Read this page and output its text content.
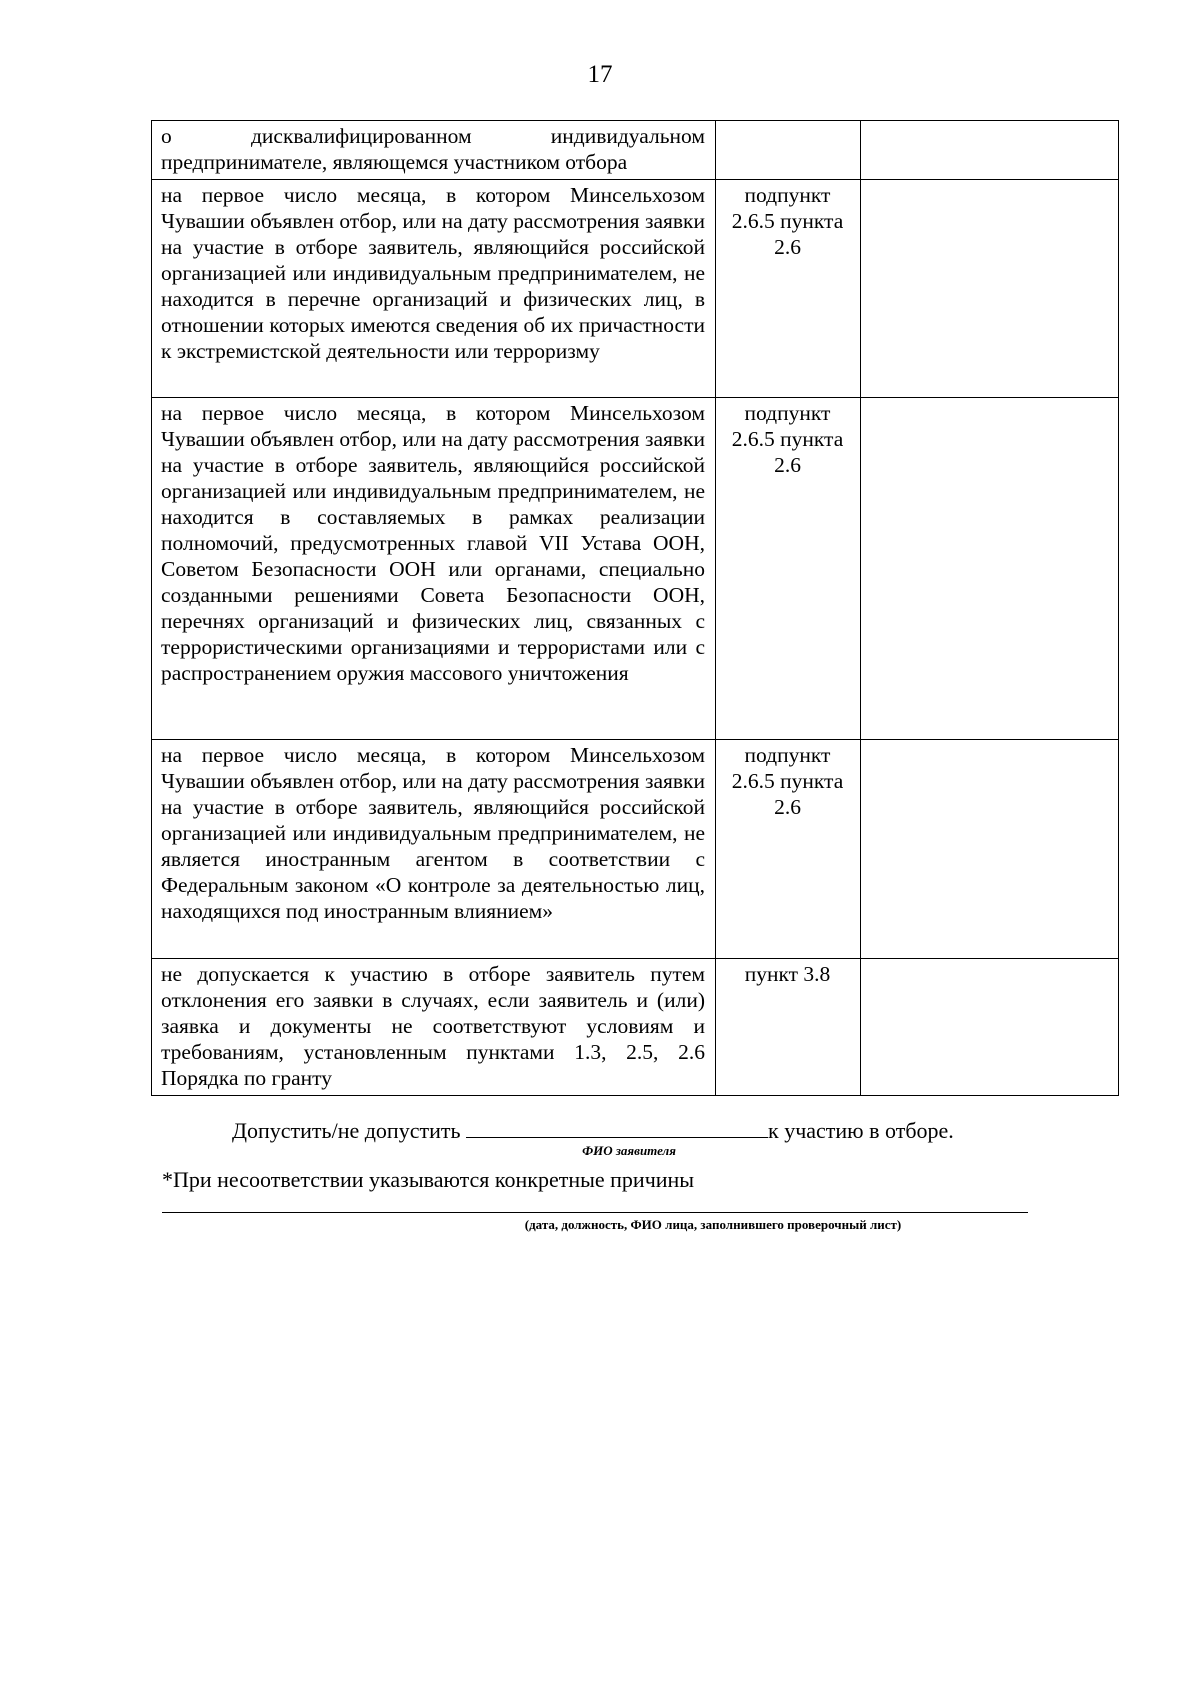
17
о дисквалифицированном индивидуальном предпринимателе, являющемся участником отбора		
на первое число месяца, в котором Минсельхозом Чувашии объявлен отбор, или на дату рассмотрения заявки на участие в отборе заявитель, являющийся российской организацией или индивидуальным предпринимателем, не находится в перечне организаций и физических лиц, в отношении которых имеются сведения об их причастности к экстремистской деятельности или терроризму	подпункт 2.6.5 пункта 2.6	
на первое число месяца, в котором Минсельхозом Чувашии объявлен отбор, или на дату рассмотрения заявки на участие в отборе заявитель, являющийся российской организацией или индивидуальным предпринимателем, не находится в составляемых в рамках реализации полномочий, предусмотренных главой VII Устава ООН, Советом Безопасности ООН или органами, специально созданными решениями Совета Безопасности ООН, перечнях организаций и физических лиц, связанных с террористическими организациями и террористами или с распространением оружия массового уничтожения	подпункт 2.6.5 пункта 2.6	
на первое число месяца, в котором Минсельхозом Чувашии объявлен отбор, или на дату рассмотрения заявки на участие в отборе заявитель, являющийся российской организацией или индивидуальным предпринимателем, не является иностранным агентом в соответствии с Федеральным законом «О контроле за деятельностью лиц, находящихся под иностранным влиянием»	подпункт 2.6.5 пункта 2.6	
не допускается к участию в отборе заявитель путем отклонения его заявки в случаях, если заявитель и (или) заявка и документы не соответствуют условиям и требованиям, установленным пунктами 1.3, 2.5, 2.6 Порядка по гранту	пункт 3.8	
Допустить/не допустить	к участию в отборе.
ФИО заявителя
*При несоответствии указываются конкретные причины
(дата, должность, ФИО лица, заполнившего проверочный лист)
